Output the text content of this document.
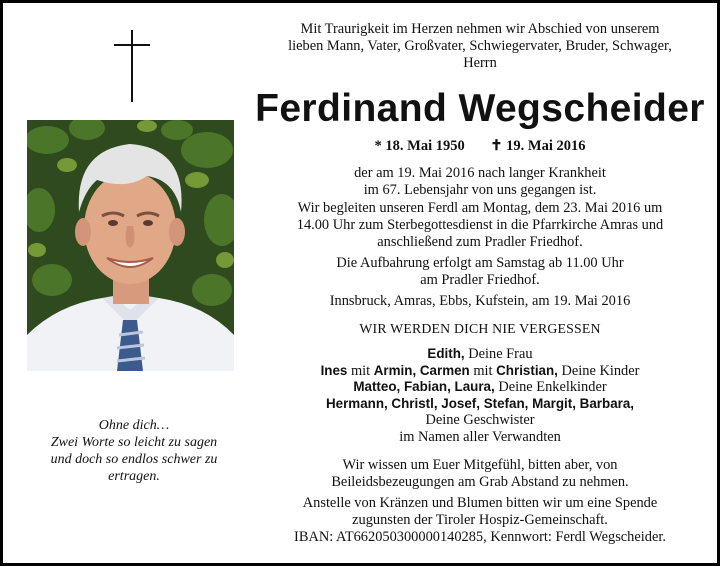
Ohne dich…
Zwei Worte so leicht zu sagen
und doch so endlos schwer zu
ertragen.

Mit Traurigkeit im Herzen nehmen wir Abschied von unserem

lieben Mann, Vater, Großvater, Schwiegervater, Bruder, Schwager,

Herrn

Ferdinand Wegscheider
* 18. Mai 1950 ✝ 19. Mai 2016

der am 19. Mai 2016 nach langer Krankheit

im 67. Lebensjahr von uns gegangen ist.

Wir begleiten unseren Ferdl am Montag, dem 23. Mai 2016 um

14.00 Uhr zum Sterbegottesdienst in die Pfarrkirche Amras und

anschließend zum Pradler Friedhof.

Die Aufbahrung erfolgt am Samstag ab 11.00 Uhr

am Pradler Friedhof.

Innsbruck, Amras, Ebbs, Kufstein, am 19. Mai 2016
WIR WERDEN DICH NIE VERGESSEN

Edith, Deine Frau

Ines mit Armin, Carmen mit Christian, Deine Kinder

Matteo, Fabian, Laura, Deine Enkelkinder

Hermann, Christl, Josef, Stefan, Margit, Barbara,

Deine Geschwister

im Namen aller Verwandten

Wir wissen um Euer Mitgefühl, bitten aber, von

Beileidsbezeugungen am Grab Abstand zu nehmen.

Anstelle von Kränzen und Blumen bitten wir um eine Spende

zugunsten der Tiroler Hospiz-Gemeinschaft.

IBAN: AT662050300000140285, Kennwort: Ferdl Wegscheider.
